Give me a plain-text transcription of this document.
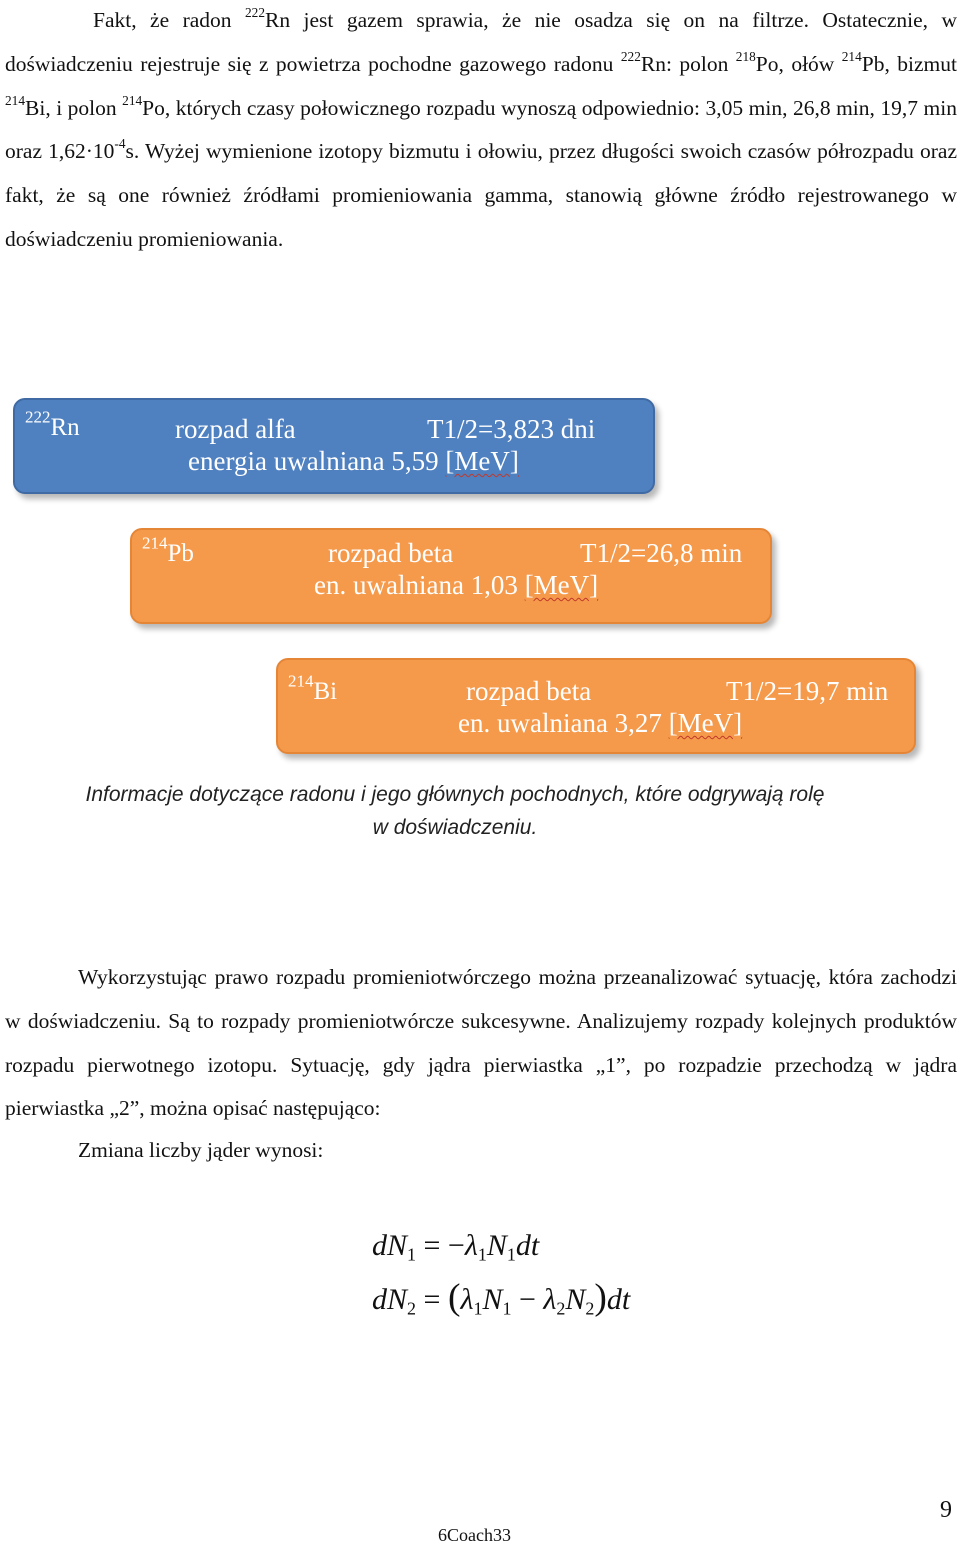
Fakt, że radon $^{222}$Rn jest gazem sprawia, że nie osadza się on na filtrze. Ostatecznie, w doświadczeniu rejestruje się z powietrza pochodne gazowego radonu $^{222}$Rn: polon $^{218}$Po, ołów $^{214}$Pb, bizmut $^{214}$Bi, i polon $^{214}$Po, których czasy połowicznego rozpadu wynoszą odpowiednio: 3,05 min, 26,8 min, 19,7 min oraz $1,62\cdot 10^{-4}s$. Wyżej wymienione izotopy bizmutu i ołowiu, przez długości swoich czasów półrozpadu oraz fakt, że są one również źródłami promieniowania gamma, stanowią główne źródło rejestrowanego w doświadczeniu promieniowania.

$^{222}$Rn	rozpad alfa	T1/2=3,823 dni
energia uwalniana 5,59 [MeV]
$^{214}$Pb	rozpad beta	T1/2=26,8 min
en. uwalniana 1,03 [MeV]
$^{214}$Bi	rozpad beta	T1/2=19,7 min
en. uwalniana 3,27 [MeV]
Informacje dotyczące radonu i jego głównych pochodnych, które odgrywają rolę
w doświadczeniu.

Wykorzystując prawo rozpadu promieniotwórczego można przeanalizować sytuację, która zachodzi w doświadczeniu. Są to rozpady promieniotwórcze sukcesywne. Analizujemy rozpady kolejnych produktów rozpadu pierwotnego izotopu. Sytuację, gdy jądra pierwiastka „1”, po rozpadzie przechodzą w jądra pierwiastka „2”, można opisać następująco:

Zmiana liczby jąder wynosi:

$dN_1 = -\lambda_1N_1dt$
$dN_2 = (\lambda_1N_1 - \lambda_2N_2)dt$
9
6Coach33
